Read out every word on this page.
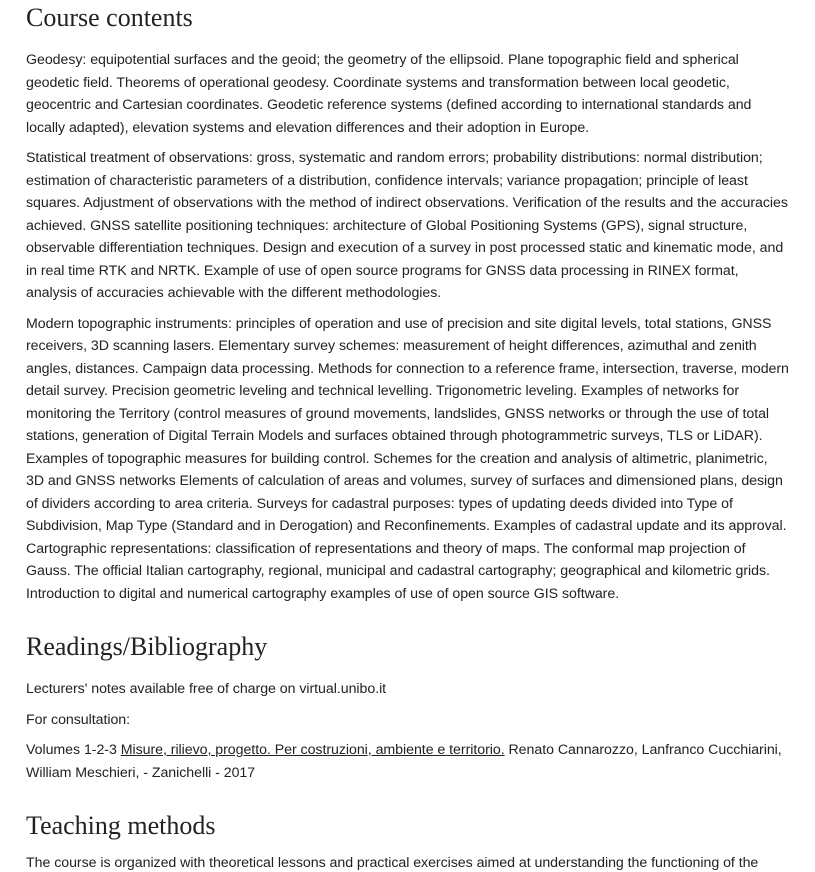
Course contents

Geodesy: equipotential surfaces and the geoid; the geometry of the ellipsoid. Plane topographic field and spherical geodetic field. Theorems of operational geodesy. Coordinate systems and transformation between local geodetic, geocentric and Cartesian coordinates. Geodetic reference systems (defined according to international standards and locally adapted), elevation systems and elevation differences and their adoption in Europe.

Statistical treatment of observations: gross, systematic and random errors; probability distributions: normal distribution; estimation of characteristic parameters of a distribution, confidence intervals; variance propagation; principle of least squares. Adjustment of observations with the method of indirect observations. Verification of the results and the accuracies achieved. GNSS satellite positioning techniques: architecture of Global Positioning Systems (GPS), signal structure, observable differentiation techniques. Design and execution of a survey in post processed static and kinematic mode, and in real time RTK and NRTK. Example of use of open source programs for GNSS data processing in RINEX format, analysis of accuracies achievable with the different methodologies.

Modern topographic instruments: principles of operation and use of precision and site digital levels, total stations, GNSS receivers, 3D scanning lasers. Elementary survey schemes: measurement of height differences, azimuthal and zenith angles, distances. Campaign data processing. Methods for connection to a reference frame, intersection, traverse, modern detail survey. Precision geometric leveling and technical levelling. Trigonometric leveling. Examples of networks for monitoring the Territory (control measures of ground movements, landslides, GNSS networks or through the use of total stations, generation of Digital Terrain Models and surfaces obtained through photogrammetric surveys, TLS or LiDAR). Examples of topographic measures for building control. Schemes for the creation and analysis of altimetric, planimetric, 3D and GNSS networks Elements of calculation of areas and volumes, survey of surfaces and dimensioned plans, design of dividers according to area criteria. Surveys for cadastral purposes: types of updating deeds divided into Type of Subdivision, Map Type (Standard and in Derogation) and Reconfinements. Examples of cadastral update and its approval. Cartographic representations: classification of representations and theory of maps. The conformal map projection of Gauss. The official Italian cartography, regional, municipal and cadastral cartography; geographical and kilometric grids. Introduction to digital and numerical cartography examples of use of open source GIS software.

Readings/Bibliography

Lecturers' notes available free of charge on virtual.unibo.it

For consultation:

Volumes 1-2-3 Misure, rilievo, progetto. Per costruzioni, ambiente e territorio. Renato Cannarozzo, Lanfranco Cucchiarini, William Meschieri, - Zanichelli - 2017

Teaching methods

The course is organized with theoretical lessons and practical exercises aimed at understanding the functioning of the
